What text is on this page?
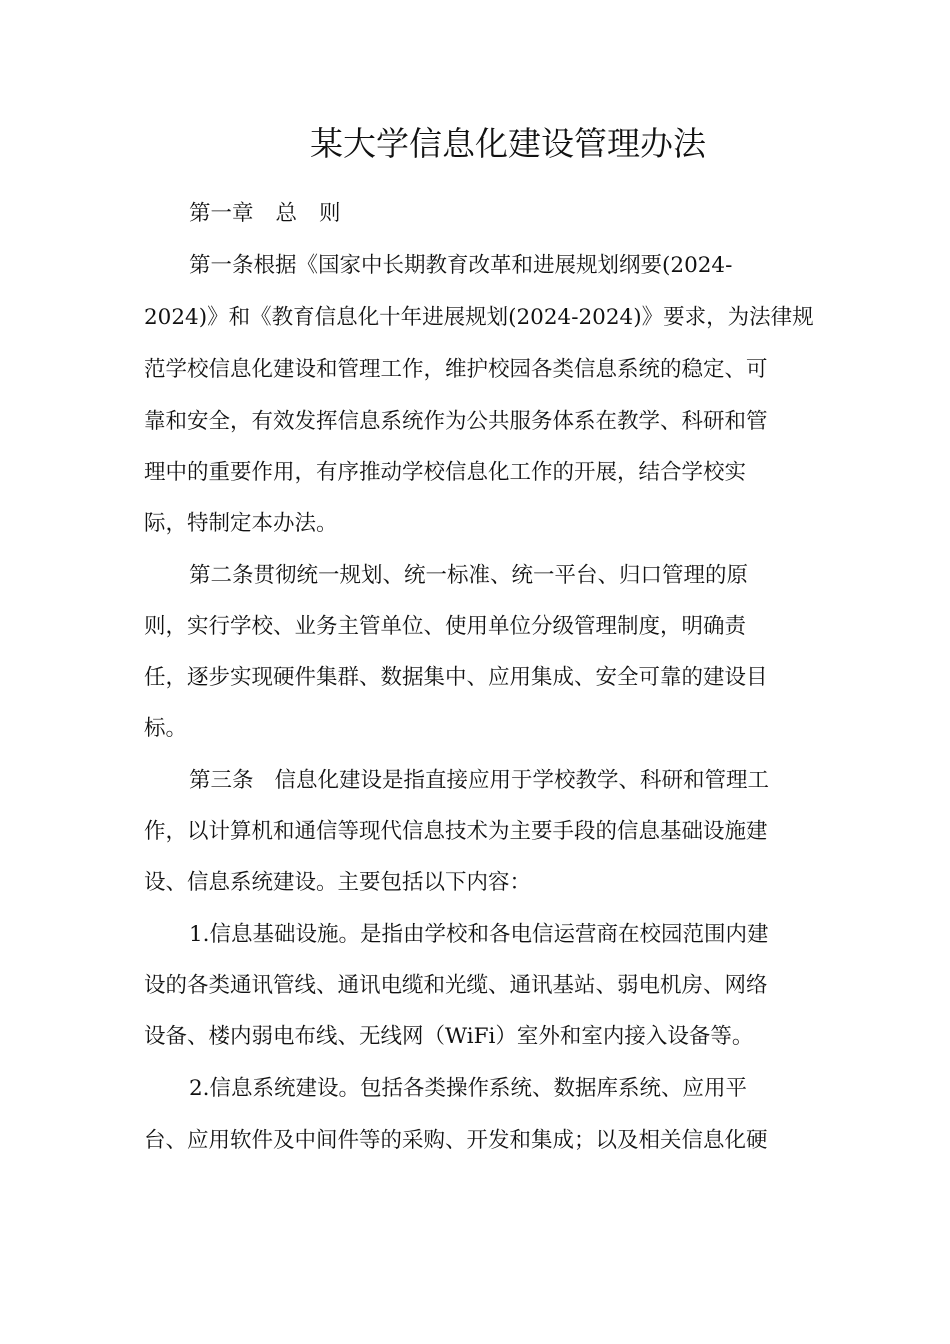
某大学信息化建设管理办法
第一章 总 则
第一条根据《国家中长期教育改革和进展规划纲要(2024-
2024)》和《教育信息化十年进展规划(2024-2024)》要求，为法律规
范学校信息化建设和管理工作，维护校园各类信息系统的稳定、可
靠和安全，有效发挥信息系统作为公共服务体系在教学、科研和管
理中的重要作用，有序推动学校信息化工作的开展，结合学校实
际，特制定本办法。
第二条贯彻统一规划、统一标准、统一平台、归口管理的原
则，实行学校、业务主管单位、使用单位分级管理制度，明确责
任，逐步实现硬件集群、数据集中、应用集成、安全可靠的建设目
标。
第三条 信息化建设是指直接应用于学校教学、科研和管理工
作，以计算机和通信等现代信息技术为主要手段的信息基础设施建
设、信息系统建设。主要包括以下内容：
1.信息基础设施。是指由学校和各电信运营商在校园范围内建
设的各类通讯管线、通讯电缆和光缆、通讯基站、弱电机房、网络
设备、楼内弱电布线、无线网（WiFi）室外和室内接入设备等。
2.信息系统建设。包括各类操作系统、数据库系统、应用平
台、应用软件及中间件等的采购、开发和集成；以及相关信息化硬
